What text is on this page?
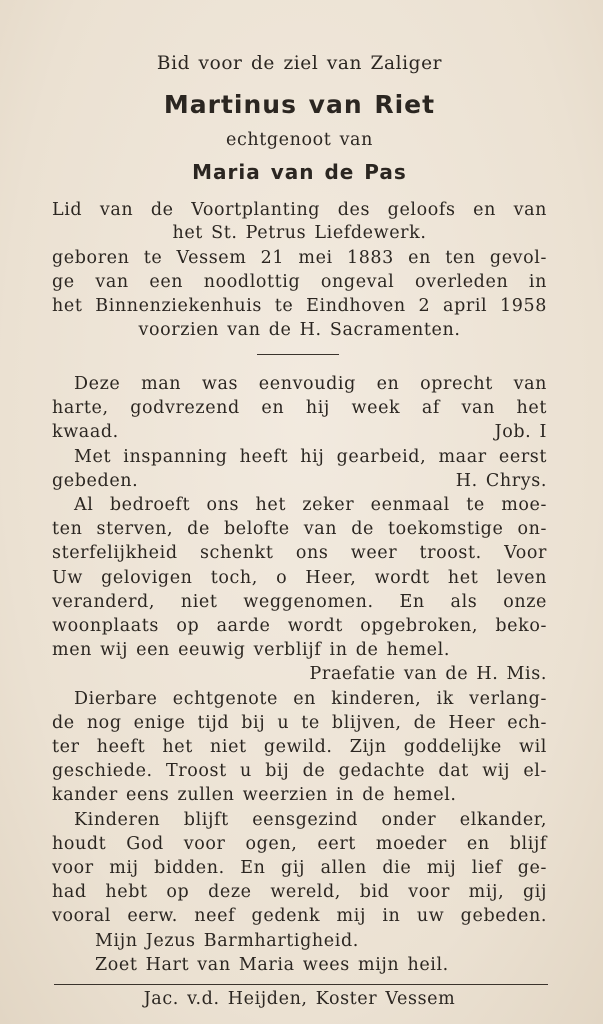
Bid voor de ziel van Zaliger
Martinus van Riet
echtgenoot van
Maria van de Pas
Lid van de Voortplanting des geloofs en van
het St. Petrus Liefdewerk.
geboren te Vessem 21 mei 1883 en ten gevol-
ge van een noodlottig ongeval overleden in
het Binnenziekenhuis te Eindhoven 2 april 1958
voorzien van de H. Sacramenten.
Deze man was eenvoudig en oprecht van
harte, godvrezend en hij week af van het
kwaad.	Job. I
Met inspanning heeft hij gearbeid, maar eerst
gebeden.	H. Chrys.
Al bedroeft ons het zeker eenmaal te moe-
ten sterven, de belofte van de toekomstige on-
sterfelijkheid schenkt ons weer troost. Voor
Uw gelovigen toch, o Heer, wordt het leven
veranderd, niet weggenomen. En als onze
woonplaats op aarde wordt opgebroken, beko-
men wij een eeuwig verblijf in de hemel.
Praefatie van de H. Mis.
Dierbare echtgenote en kinderen, ik verlang-
de nog enige tijd bij u te blijven, de Heer ech-
ter heeft het niet gewild. Zijn goddelijke wil
geschiede. Troost u bij de gedachte dat wij el-
kander eens zullen weerzien in de hemel.
Kinderen blijft eensgezind onder elkander,
houdt God voor ogen, eert moeder en blijf
voor mij bidden. En gij allen die mij lief ge-
had hebt op deze wereld, bid voor mij, gij
vooral eerw. neef gedenk mij in uw gebeden.
Mijn Jezus Barmhartigheid.
Zoet Hart van Maria wees mijn heil.
Jac. v.d. Heijden, Koster Vessem
